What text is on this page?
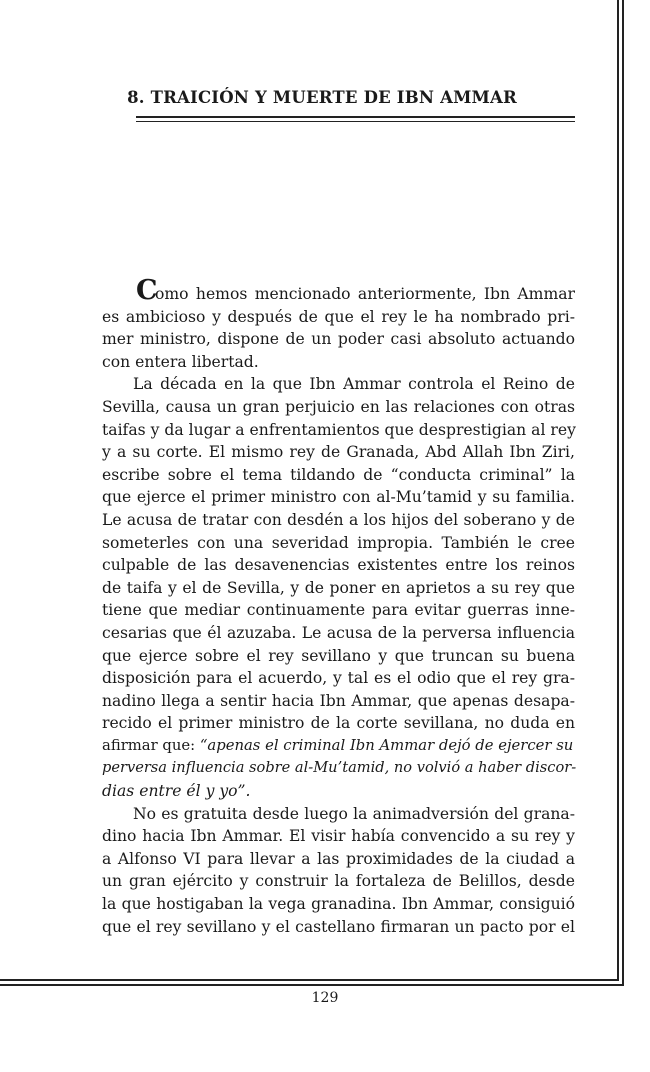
8. TRAICIÓN Y MUERTE DE IBN AMMAR
C
omo hemos mencionado anteriormente, Ibn Ammar
es ambicioso y después de que el rey le ha nombrado pri-
mer ministro, dispone de un poder casi absoluto actuando
con entera libertad.
La década en la que Ibn Ammar controla el Reino de
Sevilla, causa un gran perjuicio en las relaciones con otras
taifas y da lugar a enfrentamientos que desprestigian al rey
y a su corte. El mismo rey de Granada, Abd Allah Ibn Ziri,
escribe sobre el tema tildando de “conducta criminal” la
que ejerce el primer ministro con al-Mu’tamid y su familia.
Le acusa de tratar con desdén a los hijos del soberano y de
someterles con una severidad impropia. También le cree
culpable de las desavenencias existentes entre los reinos
de taifa y el de Sevilla, y de poner en aprietos a su rey que
tiene que mediar continuamente para evitar guerras inne-
cesarias que él azuzaba. Le acusa de la perversa influencia
que ejerce sobre el rey sevillano y que truncan su buena
disposición para el acuerdo, y tal es el odio que el rey gra-
nadino llega a sentir hacia Ibn Ammar, que apenas desapa-
recido el primer ministro de la corte sevillana, no duda en
afirmar que: “apenas el criminal Ibn Ammar dejó de ejercer su
perversa influencia sobre al-Mu’tamid, no volvió a haber discor-
dias entre él y yo”.
No es gratuita desde luego la animadversión del grana-
dino hacia Ibn Ammar. El visir había convencido a su rey y
a Alfonso VI para llevar a las proximidades de la ciudad a
un gran ejército y construir la fortaleza de Belillos, desde
la que hostigaban la vega granadina. Ibn Ammar, consiguió
que el rey sevillano y el castellano firmaran un pacto por el
129
